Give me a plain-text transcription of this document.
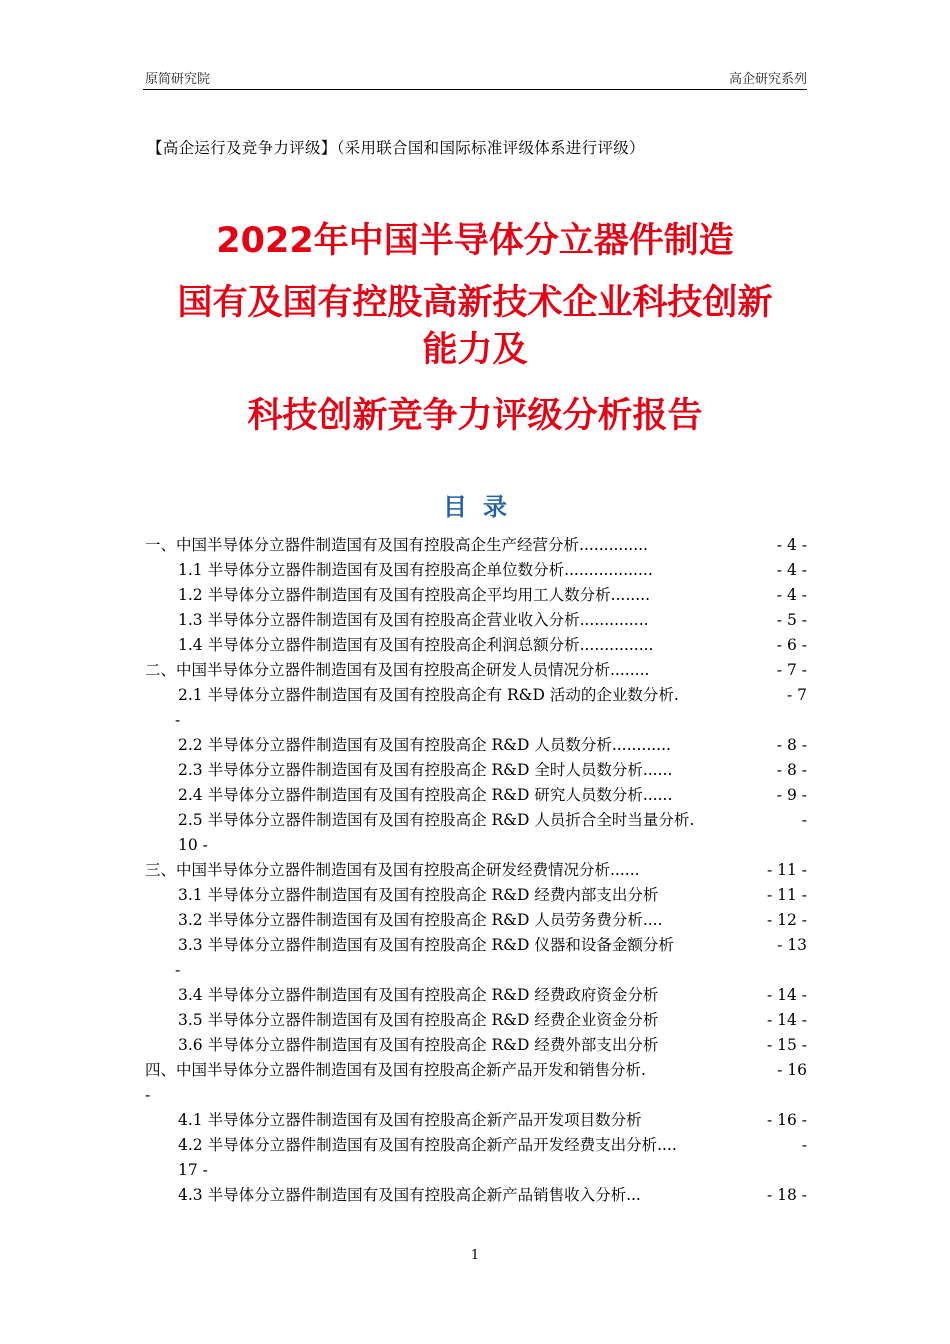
原简研究院	高企研究系列
【高企运行及竞争力评级】（采用联合国和国际标准评级体系进行评级）
2022年中国半导体分立器件制造
国有及国有控股高新技术企业科技创新
能力及
科技创新竞争力评级分析报告
目录
一、中国半导体分立器件制造国有及国有控股高企生产经营分析..............	- 4 -
1.1 半导体分立器件制造国有及国有控股高企单位数分析..................	- 4 -
1.2 半导体分立器件制造国有及国有控股高企平均用工人数分析........	- 4 -
1.3 半导体分立器件制造国有及国有控股高企营业收入分析..............	- 5 -
1.4 半导体分立器件制造国有及国有控股高企利润总额分析...............	- 6 -
二、中国半导体分立器件制造国有及国有控股高企研发人员情况分析........	- 7 -
2.1 半导体分立器件制造国有及国有控股高企有 R&D 活动的企业数分析.	- 7
-
2.2 半导体分立器件制造国有及国有控股高企 R&D 人员数分析............	- 8 -
2.3 半导体分立器件制造国有及国有控股高企 R&D 全时人员数分析......	- 8 -
2.4 半导体分立器件制造国有及国有控股高企 R&D 研究人员数分析......	- 9 -
2.5 半导体分立器件制造国有及国有控股高企 R&D 人员折合全时当量分析.	-
10 -
三、中国半导体分立器件制造国有及国有控股高企研发经费情况分析......	- 11 -
3.1 半导体分立器件制造国有及国有控股高企 R&D 经费内部支出分析	- 11 -
3.2 半导体分立器件制造国有及国有控股高企 R&D 人员劳务费分析....	- 12 -
3.3 半导体分立器件制造国有及国有控股高企 R&D 仪器和设备金额分析	- 13
-
3.4 半导体分立器件制造国有及国有控股高企 R&D 经费政府资金分析	- 14 -
3.5 半导体分立器件制造国有及国有控股高企 R&D 经费企业资金分析	- 14 -
3.6 半导体分立器件制造国有及国有控股高企 R&D 经费外部支出分析	- 15 -
四、中国半导体分立器件制造国有及国有控股高企新产品开发和销售分析.	- 16
-
4.1 半导体分立器件制造国有及国有控股高企新产品开发项目数分析	- 16 -
4.2 半导体分立器件制造国有及国有控股高企新产品开发经费支出分析....	-
17 -
4.3 半导体分立器件制造国有及国有控股高企新产品销售收入分析...	- 18 -
1
